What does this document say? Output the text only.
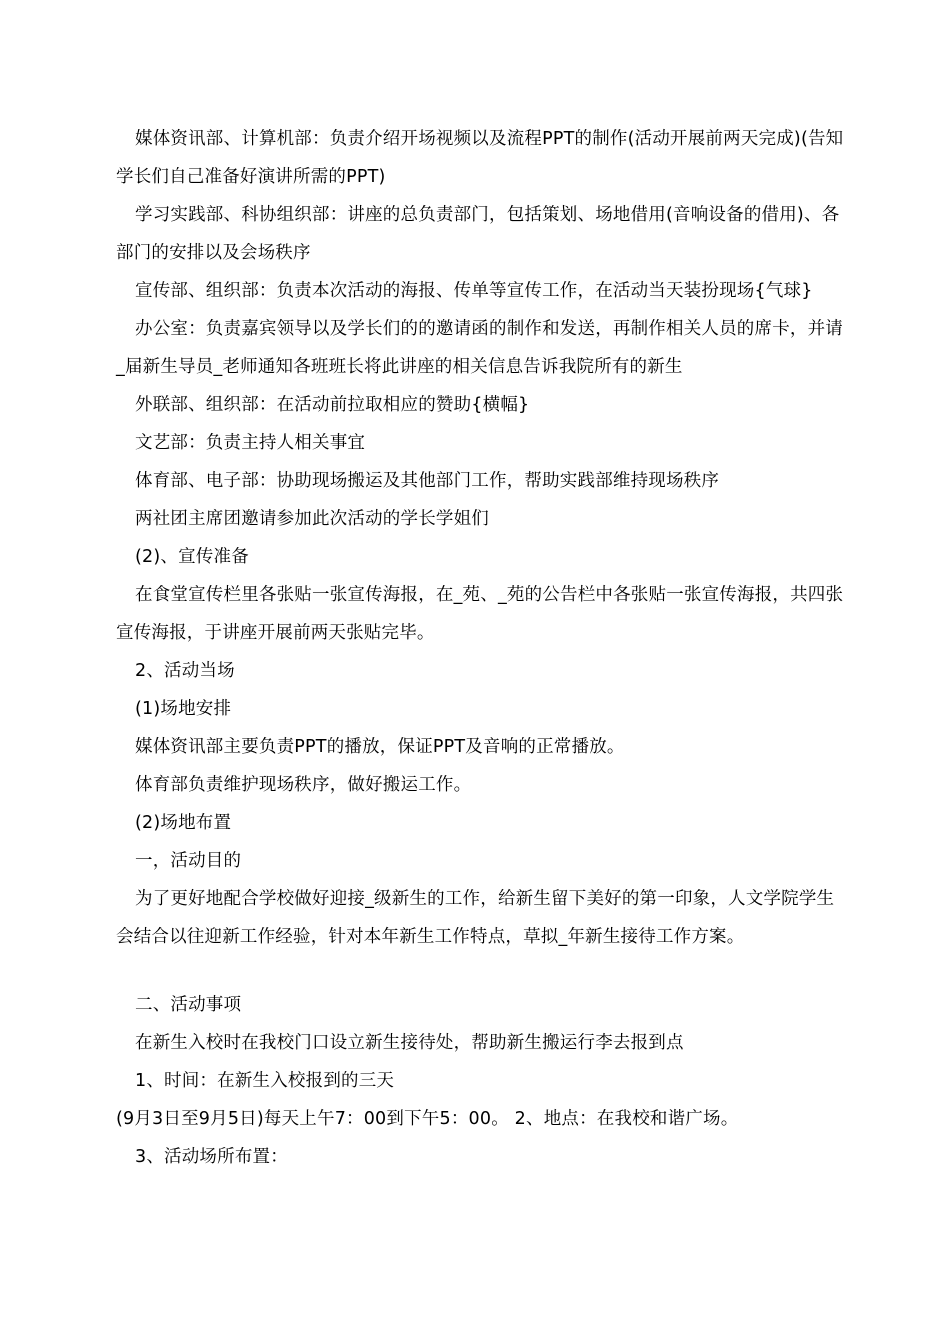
媒体资讯部、计算机部：负责介绍开场视频以及流程PPT的制作(活动开展前两天完成)(告知学长们自己准备好演讲所需的PPT)

学习实践部、科协组织部：讲座的总负责部门，包括策划、场地借用(音响设备的借用)、各部门的安排以及会场秩序

宣传部、组织部：负责本次活动的海报、传单等宣传工作，在活动当天装扮现场{气球}

办公室：负责嘉宾领导以及学长们的的邀请函的制作和发送，再制作相关人员的席卡，并请_届新生导员_老师通知各班班长将此讲座的相关信息告诉我院所有的新生

外联部、组织部：在活动前拉取相应的赞助{横幅}

文艺部：负责主持人相关事宜

体育部、电子部：协助现场搬运及其他部门工作，帮助实践部维持现场秩序

两社团主席团邀请参加此次活动的学长学姐们

(2)、宣传准备

在食堂宣传栏里各张贴一张宣传海报，在_苑、_苑的公告栏中各张贴一张宣传海报，共四张宣传海报，于讲座开展前两天张贴完毕。

2、活动当场

(1)场地安排

媒体资讯部主要负责PPT的播放，保证PPT及音响的正常播放。

体育部负责维护现场秩序，做好搬运工作。

(2)场地布置

一，活动目的

为了更好地配合学校做好迎接_级新生的工作，给新生留下美好的第一印象，人文学院学生会结合以往迎新工作经验，针对本年新生工作特点，草拟_年新生接待工作方案。

二、活动事项

在新生入校时在我校门口设立新生接待处，帮助新生搬运行李去报到点

1、时间：在新生入校报到的三天

(9月3日至9月5日)每天上午7：00到下午5：00。 2、地点：在我校和谐广场。

3、活动场所布置：
